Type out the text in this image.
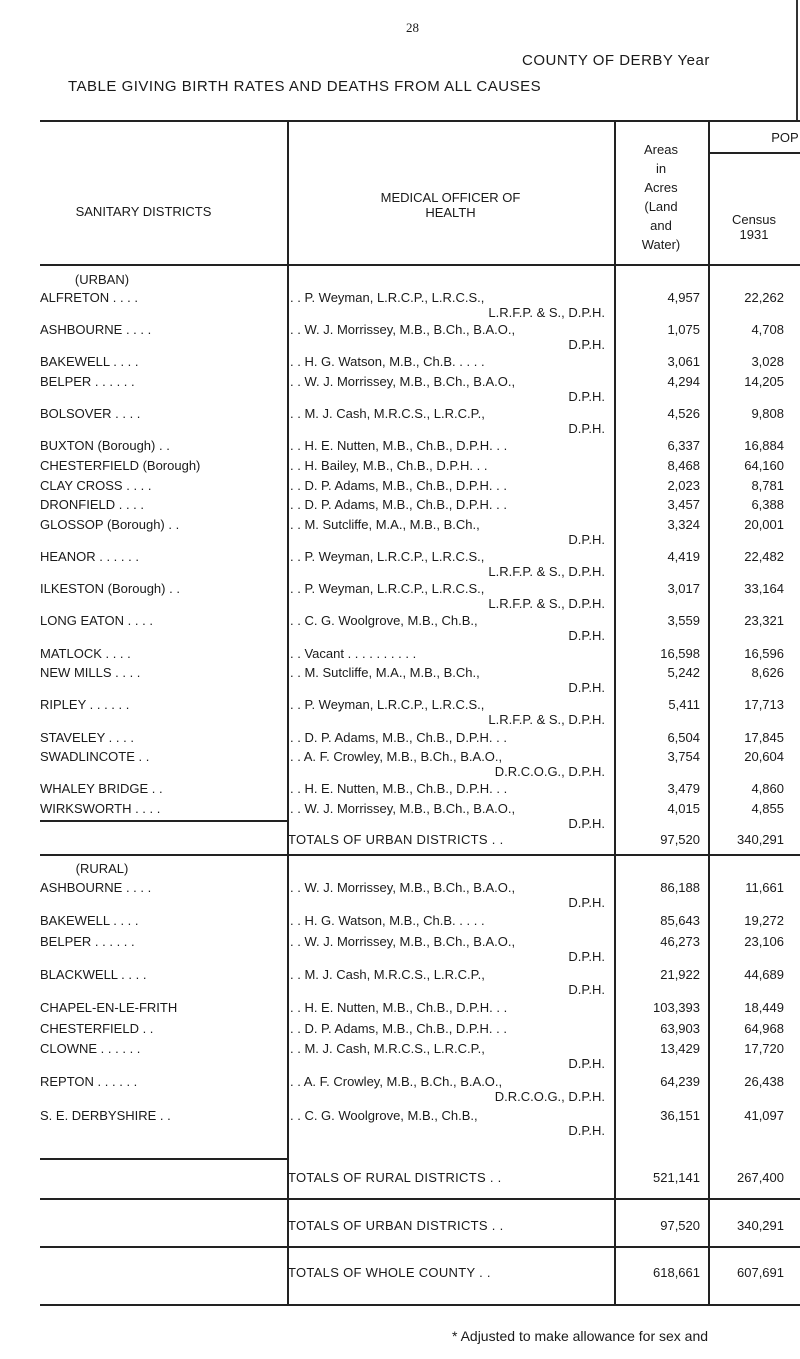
28
COUNTY OF DERBY Year
TABLE GIVING BIRTH RATES AND DEATHS FROM ALL CAUSES
SANITARY DISTRICTS
MEDICAL OFFICER OF
HEALTH
Areas
in
Acres
(Land
and
Water)
POP
Census
1931
(URBAN)
ALFRETON . . . .	. . P. Weyman, L.R.C.P., L.R.C.S.,
L.R.F.P. & S., D.P.H.
4,957	22,262
ASHBOURNE . . . .	. . W. J. Morrissey, M.B., B.Ch., B.A.O.,
D.P.H.
1,075	4,708
BAKEWELL . . . .	. . H. G. Watson, M.B., Ch.B. . . . .	3,061	3,028
BELPER . . . . . .	. . W. J. Morrissey, M.B., B.Ch., B.A.O.,
D.P.H.
4,294	14,205
BOLSOVER . . . .	. . M. J. Cash, M.R.C.S., L.R.C.P.,
D.P.H.
4,526	9,808
BUXTON (Borough) . .	. . H. E. Nutten, M.B., Ch.B., D.P.H. . .	6,337	16,884
CHESTERFIELD (Borough)	. . H. Bailey, M.B., Ch.B., D.P.H. . .	8,468	64,160
CLAY CROSS . . . .	. . D. P. Adams, M.B., Ch.B., D.P.H. . .	2,023	8,781
DRONFIELD . . . .	. . D. P. Adams, M.B., Ch.B., D.P.H. . .	3,457	6,388
GLOSSOP (Borough) . .	. . M. Sutcliffe, M.A., M.B., B.Ch.,
D.P.H.
3,324	20,001
HEANOR . . . . . .	. . P. Weyman, L.R.C.P., L.R.C.S.,
L.R.F.P. & S., D.P.H.
4,419	22,482
ILKESTON (Borough) . .	. . P. Weyman, L.R.C.P., L.R.C.S.,
L.R.F.P. & S., D.P.H.
3,017	33,164
LONG EATON . . . .	. . C. G. Woolgrove, M.B., Ch.B.,
D.P.H.
3,559	23,321
MATLOCK . . . .	. . Vacant . . . . . . . . . .	16,598	16,596
NEW MILLS . . . .	. . M. Sutcliffe, M.A., M.B., B.Ch.,
D.P.H.
5,242	8,626
RIPLEY . . . . . .	. . P. Weyman, L.R.C.P., L.R.C.S.,
L.R.F.P. & S., D.P.H.
5,411	17,713
STAVELEY . . . .	. . D. P. Adams, M.B., Ch.B., D.P.H. . .	6,504	17,845
SWADLINCOTE . .	. . A. F. Crowley, M.B., B.Ch., B.A.O.,
D.R.C.O.G., D.P.H.
3,754	20,604
WHALEY BRIDGE . .	. . H. E. Nutten, M.B., Ch.B., D.P.H. . .	3,479	4,860
WIRKSWORTH . . . .	. . W. J. Morrissey, M.B., B.Ch., B.A.O.,
D.P.H.
4,015	4,855
TOTALS OF URBAN DISTRICTS . .	97,520	340,291
(RURAL)
ASHBOURNE . . . .	. . W. J. Morrissey, M.B., B.Ch., B.A.O.,
D.P.H.
86,188	11,661
BAKEWELL . . . .	. . H. G. Watson, M.B., Ch.B. . . . .	85,643	19,272
BELPER . . . . . .	. . W. J. Morrissey, M.B., B.Ch., B.A.O.,
D.P.H.
46,273	23,106
BLACKWELL . . . .	. . M. J. Cash, M.R.C.S., L.R.C.P.,
D.P.H.
21,922	44,689
CHAPEL-EN-LE-FRITH	. . H. E. Nutten, M.B., Ch.B., D.P.H. . .	103,393	18,449
CHESTERFIELD . .	. . D. P. Adams, M.B., Ch.B., D.P.H. . .	63,903	64,968
CLOWNE . . . . . .	. . M. J. Cash, M.R.C.S., L.R.C.P.,
D.P.H.
13,429	17,720
REPTON . . . . . .	. . A. F. Crowley, M.B., B.Ch., B.A.O.,
D.R.C.O.G., D.P.H.
64,239	26,438
S. E. DERBYSHIRE . .	. . C. G. Woolgrove, M.B., Ch.B.,
D.P.H.
36,151	41,097
TOTALS OF RURAL DISTRICTS . .	521,141	267,400
TOTALS OF URBAN DISTRICTS . .	97,520	340,291
TOTALS OF WHOLE COUNTY . .	618,661	607,691
* Adjusted to make allowance for sex and
